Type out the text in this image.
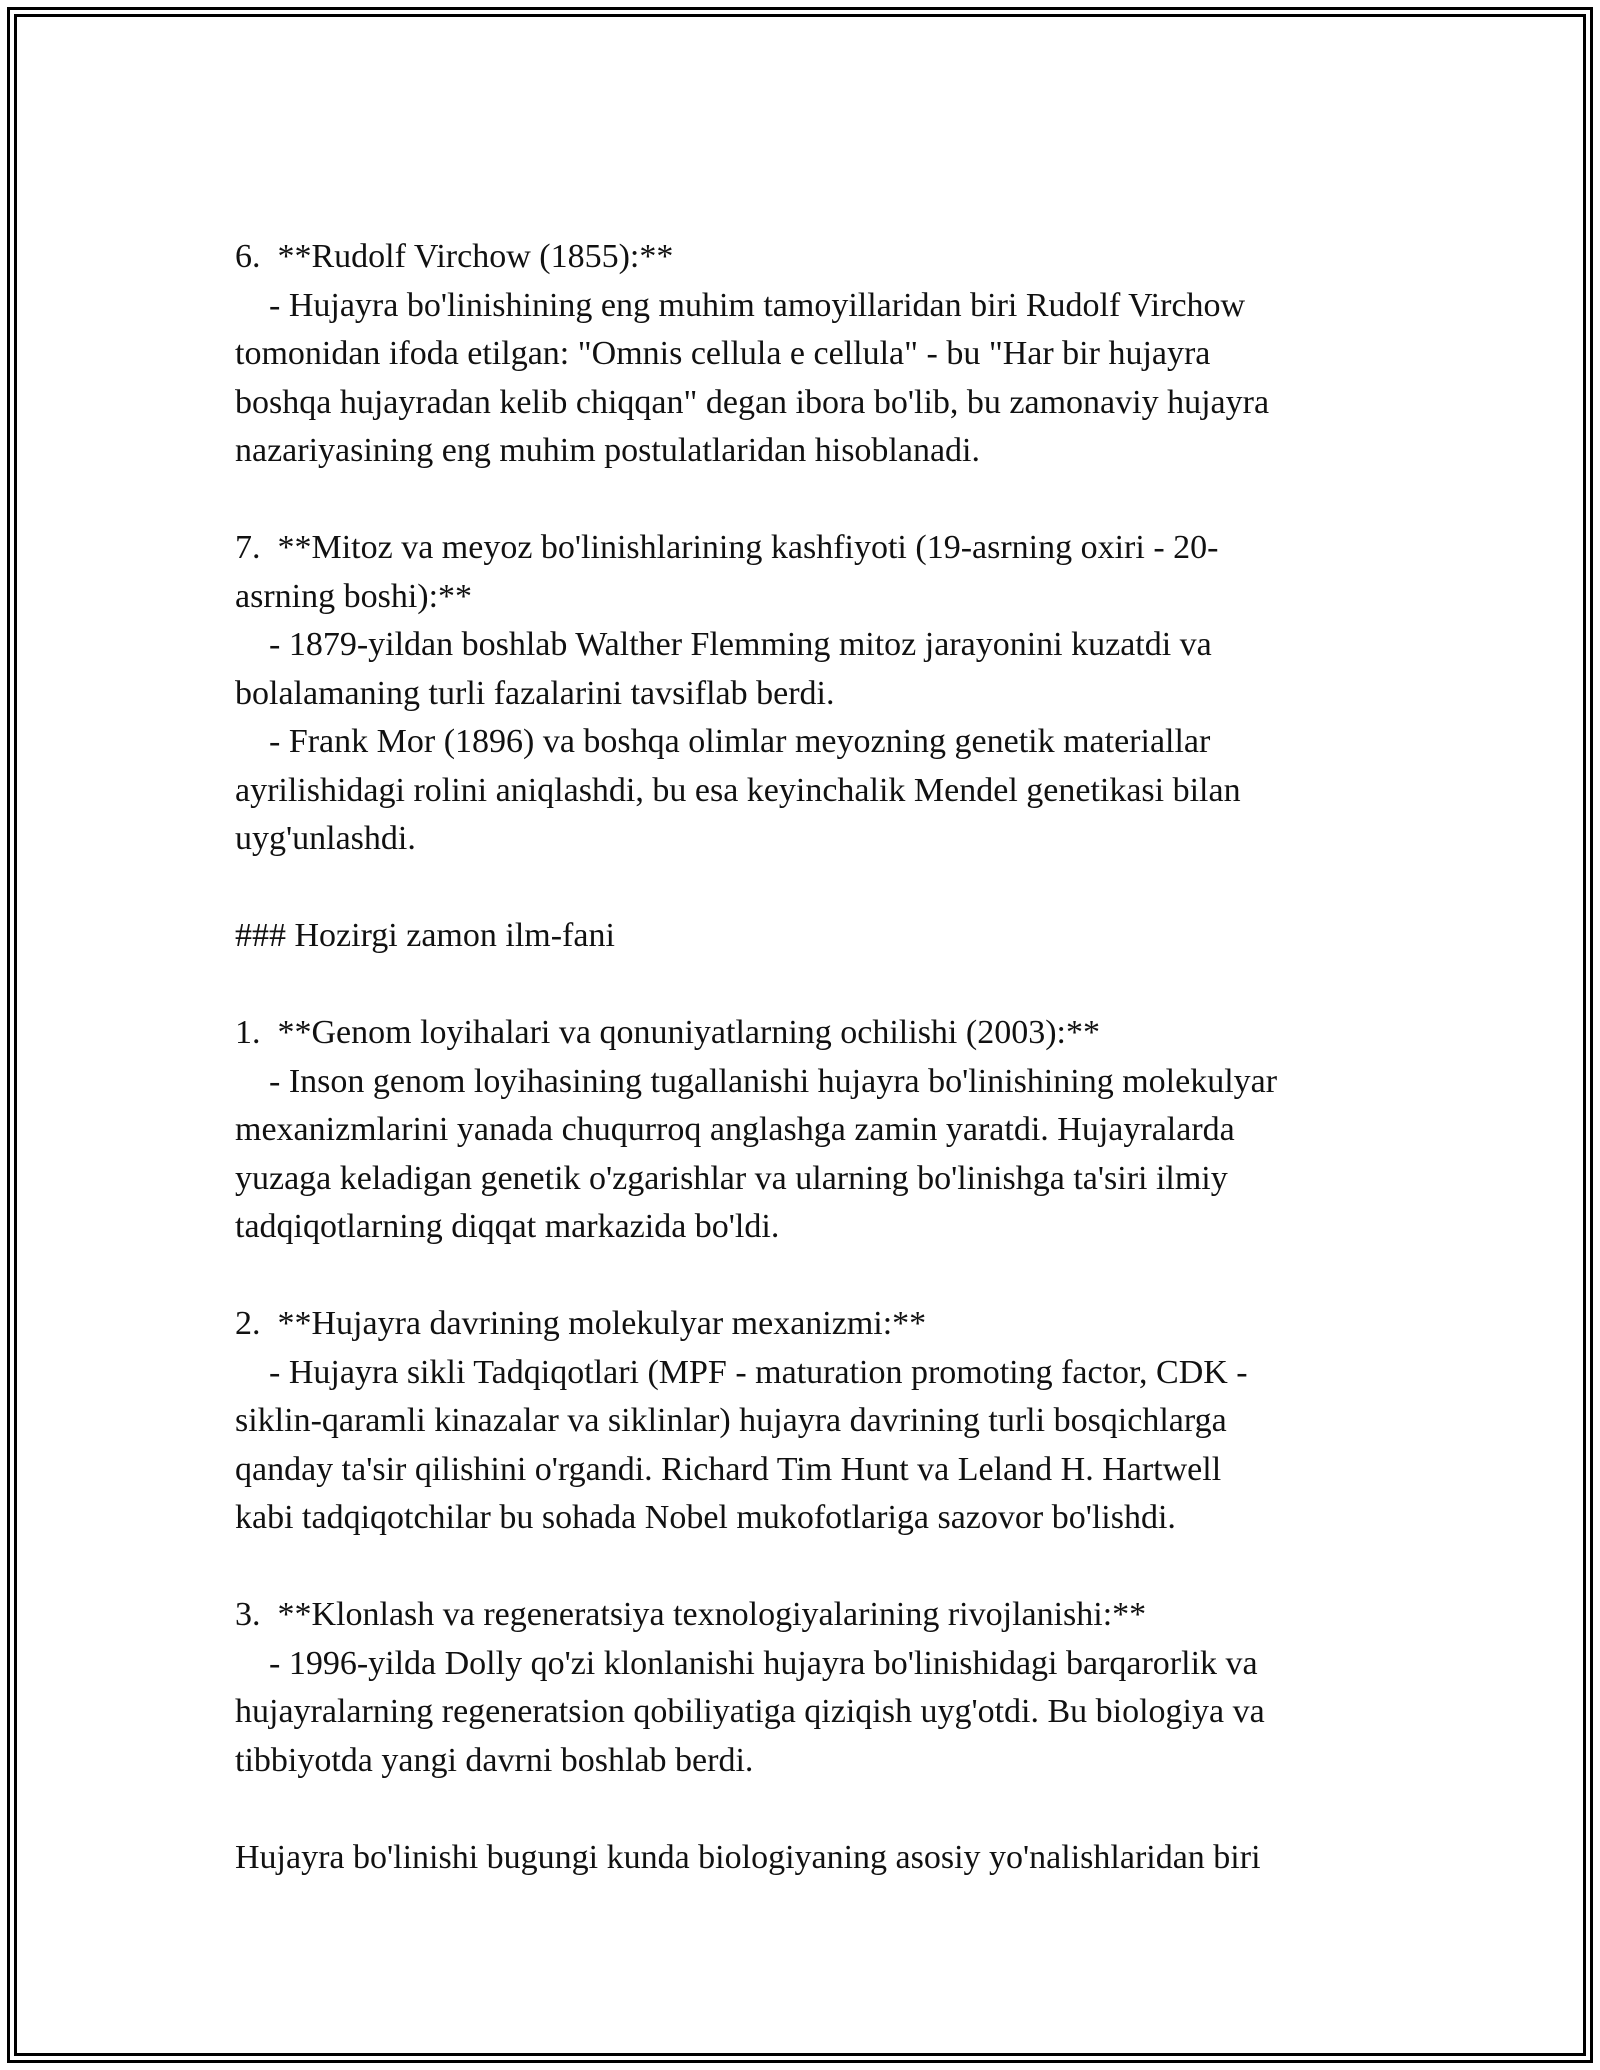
6.  **Rudolf Virchow (1855):**
- Hujayra bo'linishining eng muhim tamoyillaridan biri Rudolf Virchow
tomonidan ifoda etilgan: "Omnis cellula e cellula" - bu "Har bir hujayra
boshqa hujayradan kelib chiqqan" degan ibora bo'lib, bu zamonaviy hujayra
nazariyasining eng muhim postulatlaridan hisoblanadi.
7.  **Mitoz va meyoz bo'linishlarining kashfiyoti (19-asrning oxiri - 20-
asrning boshi):**
- 1879-yildan boshlab Walther Flemming mitoz jarayonini kuzatdi va
bolalamaning turli fazalarini tavsiflab berdi.
- Frank Mor (1896) va boshqa olimlar meyozning genetik materiallar
ayrilishidagi rolini aniqlashdi, bu esa keyinchalik Mendel genetikasi bilan
uyg'unlashdi.
### Hozirgi zamon ilm-fani
1.  **Genom loyihalari va qonuniyatlarning ochilishi (2003):**
- Inson genom loyihasining tugallanishi hujayra bo'linishining molekulyar
mexanizmlarini yanada chuqurroq anglashga zamin yaratdi. Hujayralarda
yuzaga keladigan genetik o'zgarishlar va ularning bo'linishga ta'siri ilmiy
tadqiqotlarning diqqat markazida bo'ldi.
2.  **Hujayra davrining molekulyar mexanizmi:**
- Hujayra sikli Tadqiqotlari (MPF - maturation promoting factor, CDK -
siklin-qaramli kinazalar va siklinlar) hujayra davrining turli bosqichlarga
qanday ta'sir qilishini o'rgandi. Richard Tim Hunt va Leland H. Hartwell
kabi tadqiqotchilar bu sohada Nobel mukofotlariga sazovor bo'lishdi.
3.  **Klonlash va regeneratsiya texnologiyalarining rivojlanishi:**
- 1996-yilda Dolly qo'zi klonlanishi hujayra bo'linishidagi barqarorlik va
hujayralarning regeneratsion qobiliyatiga qiziqish uyg'otdi. Bu biologiya va
tibbiyotda yangi davrni boshlab berdi.
Hujayra bo'linishi bugungi kunda biologiyaning asosiy yo'nalishlaridan biri
